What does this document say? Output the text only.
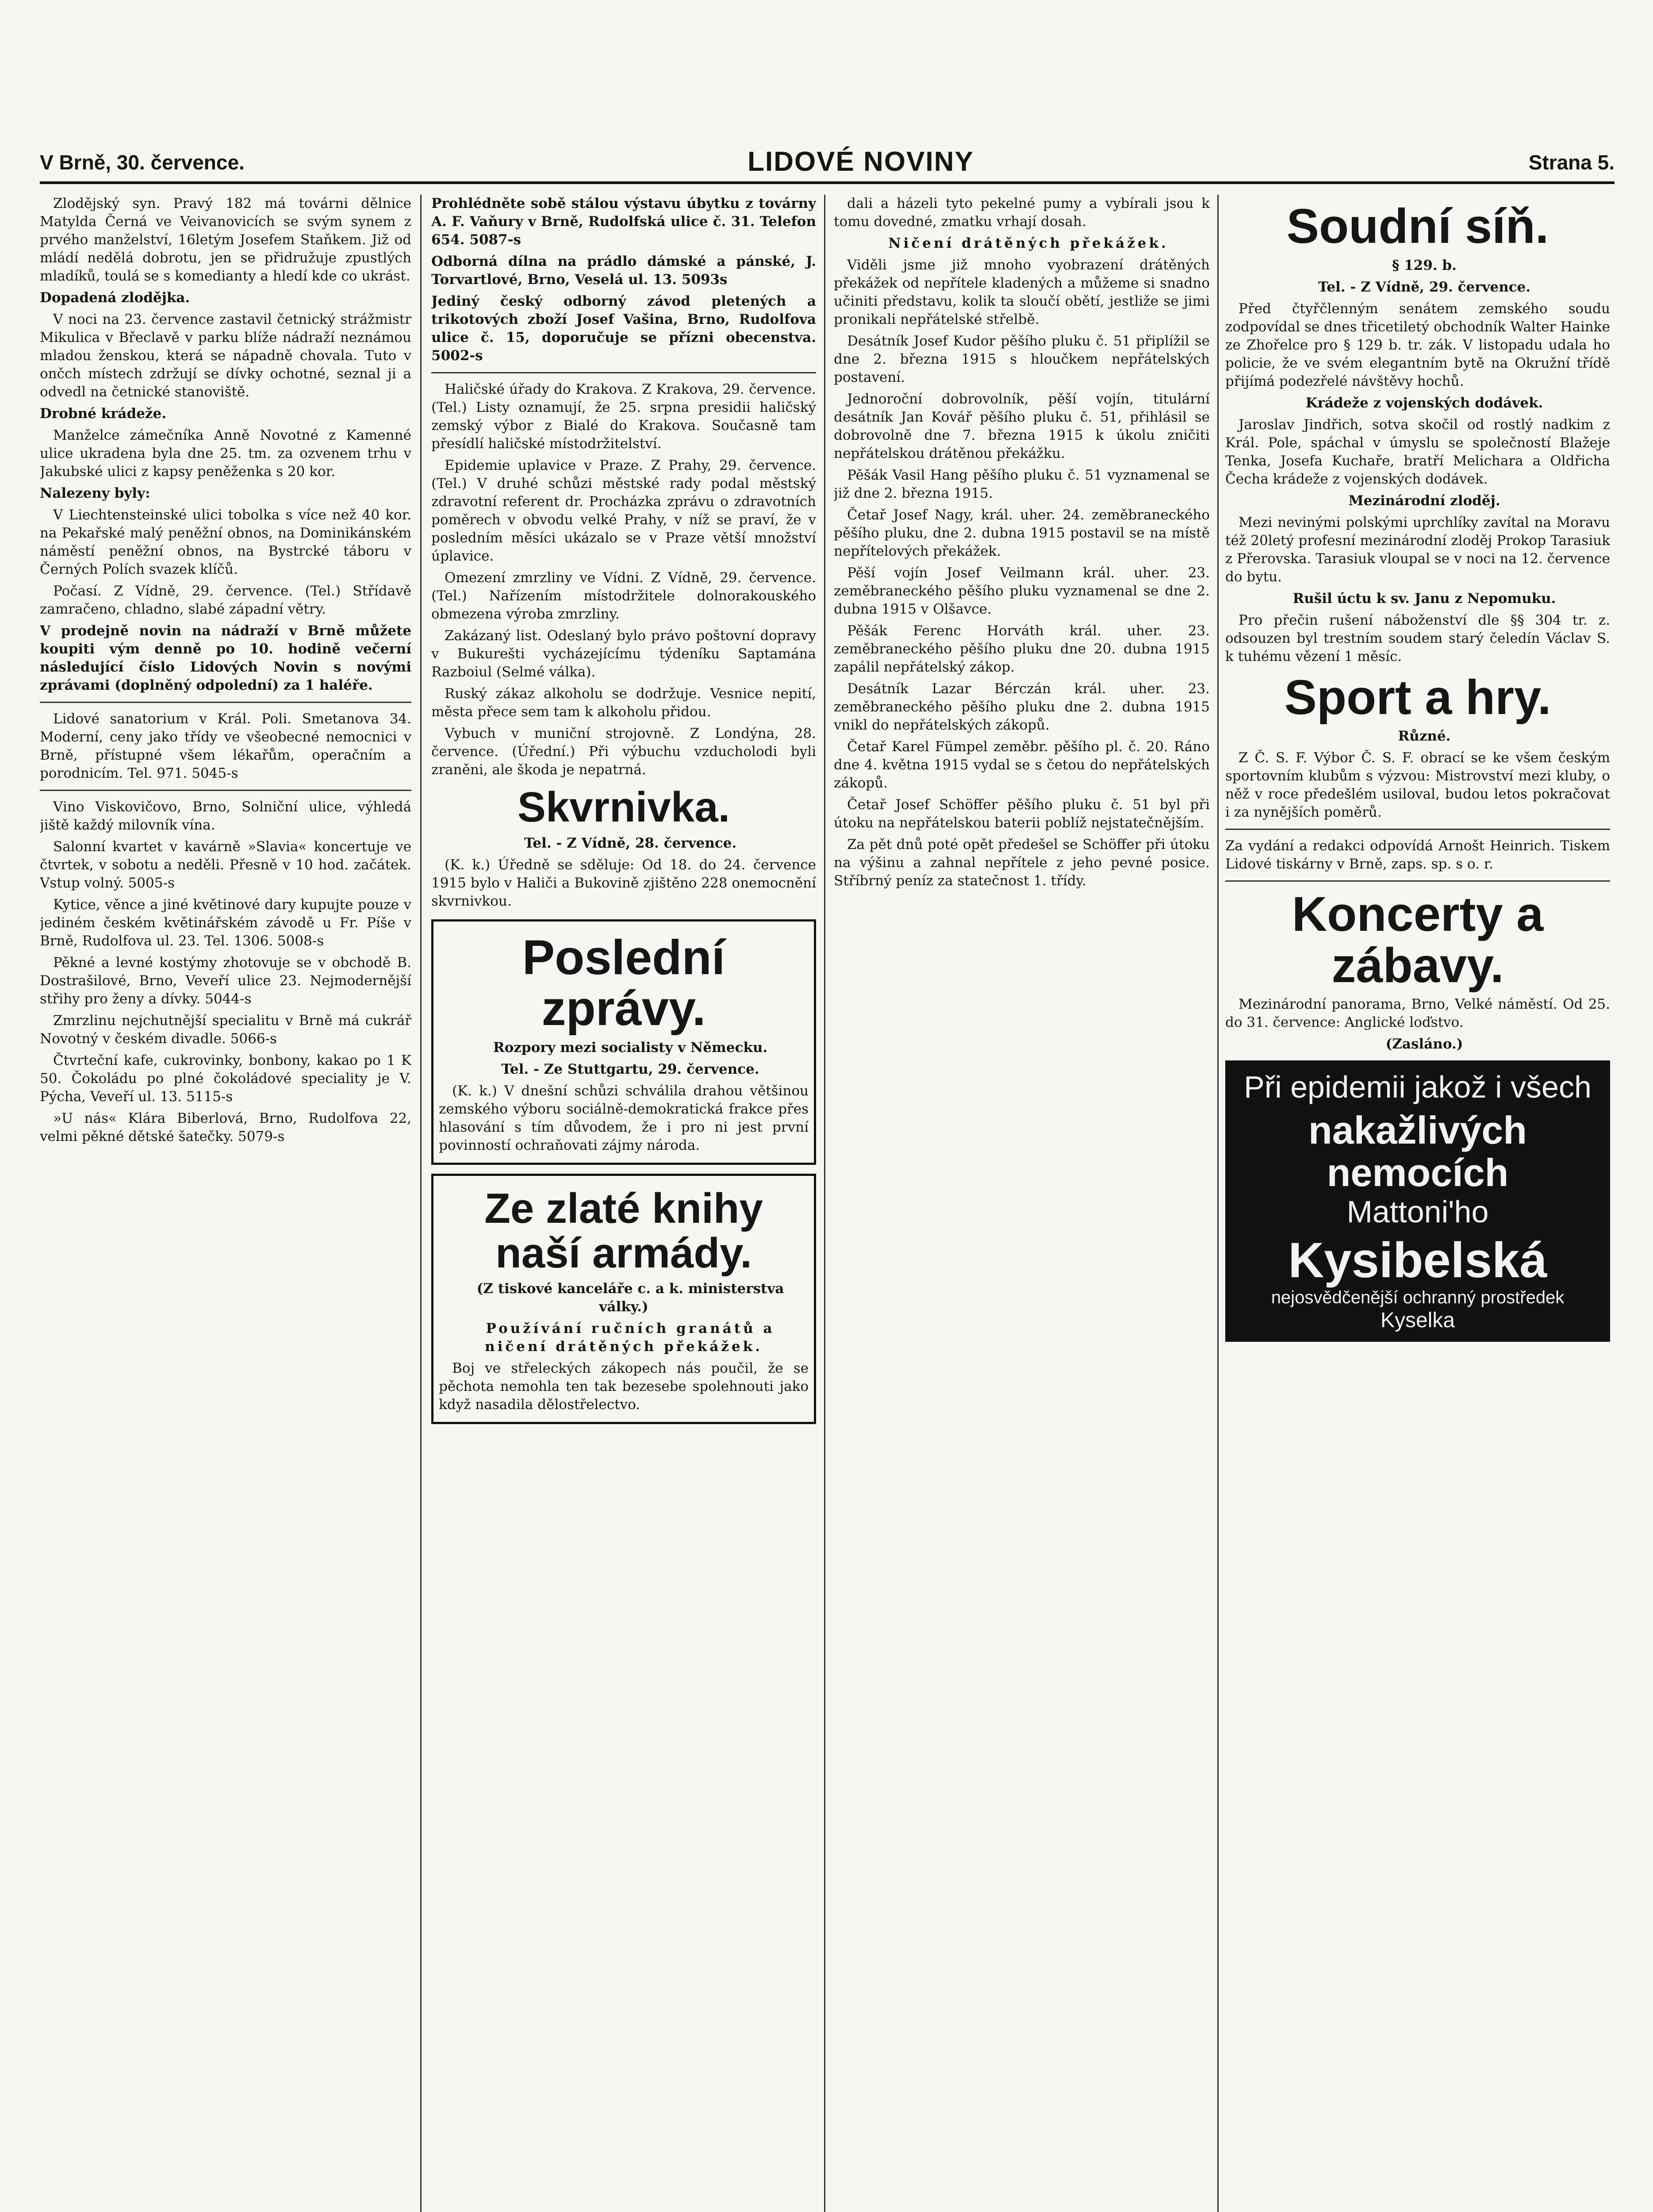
V Brně, 30. července.	LIDOVÉ NOVINY	Strana 5.

Zlodějský syn. Pravý 182 má továrni dělnice Matylda Černá ve Veivanovicích se svým synem z prvého manželství, 16letým Josefem Staňkem. Již od mládí nedělá dobrotu, jen se přidružuje zpustlých mladíků, toulá se s komedianty a hledí kde co ukrást.

Dopadená zlodějka.

V noci na 23. července zastavil četnický strážmistr Mikulica v Břeclavě v parku blíže nádraží neznámou mladou ženskou, která se nápadně chovala. Tuto v ončch místech zdržují se dívky ochotné, seznal ji a odvedl na četnické stanoviště.

Drobné krádeže.

Manželce zámečníka Anně Novotné z Kamenné ulice ukradena byla dne 25. tm. za ozvenem trhu v Jakubské ulici z kapsy peněženka s 20 kor.

Nalezeny byly:

V Liechtensteinské ulici tobolka s více než 40 kor. na Pekařské malý peněžní obnos, na Dominikánském náměstí peněžní obnos, na Bystrcké táboru v Černých Polích svazek klíčů.

Počasí. Z Vídně, 29. července. (Tel.) Střídavě zamračeno, chladno, slabé západní větry.

V prodejně novin na nádraží v Brně můžete koupiti vým denně po 10. hodině večerní následující číslo Lidových Novin s novými zprávami (doplněný odpolední) za 1 haléře.

Lidové sanatorium v Král. Poli. Smetanova 34. Moderní, ceny jako třídy ve všeobecné nemocnici v Brně, přístupné všem lékařům, operačním a porodnicím. Tel. 971. 5045-s

Vino Viskovičovo, Brno, Solniční ulice, výhledá jiště každý milovník vína.

Salonní kvartet v kavárně »Slavia« koncertuje ve čtvrtek, v sobotu a neděli. Přesně v 10 hod. začátek. Vstup volný. 5005-s

Kytice, věnce a jiné květinové dary kupujte pouze v jediném českém květinářském závodě u Fr. Píše v Brně, Rudolfova ul. 23. Tel. 1306. 5008-s

Pěkné a levné kostýmy zhotovuje se v obchodě B. Dostrašilové, Brno, Veveří ulice 23. Nejmodernější střihy pro ženy a dívky. 5044-s

Zmrzlinu nejchutnější specialitu v Brně má cukrář Novotný v českém divadle. 5066-s

Čtvrteční kafe, cukrovinky, bonbony, kakao po 1 K 50. Čokoládu po plné čokoládové speciality je V. Pýcha, Veveří ul. 13. 5115-s

»U nás« Klára Biberlová, Brno, Rudolfova 22, velmi pěkné dětské šatečky. 5079-s

Prohlédněte sobě stálou výstavu úbytku z továrny A. F. Vaňury v Brně, Rudolfská ulice č. 31. Telefon 654. 5087-s

Odborná dílna na prádlo dámské a pánské, J. Torvartlové, Brno, Veselá ul. 13. 5093s

Jediný český odborný závod pletených a trikotových zboží Josef Vašina, Brno, Rudolfova ulice č. 15, doporučuje se přízni obecenstva. 5002-s

Haličské úřady do Krakova. Z Krakova, 29. července. (Tel.) Listy oznamují, že 25. srpna presidii haličský zemský výbor z Bialé do Krakova. Současně tam přesídlí haličské místodržitelství.

Epidemie uplavice v Praze. Z Prahy, 29. července. (Tel.) V druhé schůzi městské rady podal městský zdravotní referent dr. Procházka zprávu o zdravotních poměrech v obvodu velké Prahy, v níž se praví, že v posledním měsíci ukázalo se v Praze větší množství úplavice.

Omezení zmrzliny ve Vídni. Z Vídně, 29. července. (Tel.) Nařízením místodržitele dolnorakouského obmezena výroba zmrzliny.

Zakázaný list. Odeslaný bylo právo poštovní dopravy v Bukurešti vycházejícímu týdeníku Saptamána Razboiul (Selmé válka).

Ruský zákaz alkoholu se dodržuje. Vesnice nepití, města přece sem tam k alkoholu přidou.

Vybuch v muniční strojovně. Z Londýna, 28. července. (Úřední.) Při výbuchu vzducholodi byli zraněni, ale škoda je nepatrná.

Skvrnivka.

Tel. - Z Vídně, 28. července.

(K. k.) Úředně se sděluje: Od 18. do 24. července 1915 bylo v Haliči a Bukovině zjištěno 228 onemocnění skvrnivkou.

Poslední zprávy.

Rozpory mezi socialisty v Německu.

Tel. - Ze Stuttgartu, 29. července.

(K. k.) V dnešní schůzi schválila drahou většinou zemského výboru sociálně-demokratická frakce přes hlasování s tím důvodem, že i pro ni jest první povinností ochraňovati zájmy národa.

Ze zlaté knihy naší armády.

(Z tiskové kanceláře c. a k. ministerstva války.)

Používání ručních granátů a ničení drátěných překážek.

Boj ve střeleckých zákopech nás poučil, že se pěchota nemohla ten tak bezesebe spolehnouti jako když nasadila dělostřelectvo.

dali a házeli tyto pekelné pumy a vybírali jsou k tomu dovedné, zmatku vrhají dosah.

Ničení drátěných překážek.

Viděli jsme již mnoho vyobrazení drátěných překážek od nepřítele kladených a můžeme si snadno učiniti představu, kolik ta sloučí obětí, jestliže se jimi pronikali nepřátelské střelbě.

Desátník Josef Kudor pěšího pluku č. 51 připlížil se dne 2. března 1915 s hloučkem nepřátelských postavení.

Jednoroční dobrovolník, pěší vojín, titulární desátník Jan Kovář pěšího pluku č. 51, přihlásil se dobrovolně dne 7. března 1915 k úkolu zničiti nepřátelskou drátěnou překážku.

Pěšák Vasil Hang pěšího pluku č. 51 vyznamenal se již dne 2. března 1915.

Četař Josef Nagy, král. uher. 24. zeměbraneckého pěšího pluku, dne 2. dubna 1915 postavil se na místě nepřítelových překážek.

Pěší vojín Josef Veilmann král. uher. 23. zeměbraneckého pěšího pluku vyznamenal se dne 2. dubna 1915 v Olšavce.

Pěšák Ferenc Horváth král. uher. 23. zeměbraneckého pěšího pluku dne 20. dubna 1915 zapálil nepřátelský zákop.

Desátník Lazar Bérczán král. uher. 23. zeměbraneckého pěšího pluku dne 2. dubna 1915 vnikl do nepřátelských zákopů.

Četař Karel Fümpel zeměbr. pěšího pl. č. 20. Ráno dne 4. května 1915 vydal se s četou do nepřátelských zákopů.

Četař Josef Schöffer pěšího pluku č. 51 byl při útoku na nepřátelskou baterii poblíž nejstatečnějším.

Za pět dnů poté opět předešel se Schöffer při útoku na výšinu a zahnal nepřítele z jeho pevné posice. Stříbrný peníz za statečnost 1. třídy.

Soudní síň.

§ 129. b.

Tel. - Z Vídně, 29. července.

Před čtyřčlenným senátem zemského soudu zodpovídal se dnes třicetiletý obchodník Walter Hainke ze Zhořelce pro § 129 b. tr. zák. V listopadu udala ho policie, že ve svém elegantním bytě na Okružní třídě přijímá podezřelé návštěvy hochů.

Krádeže z vojenských dodávek.

Jaroslav Jindřich, sotva skočil od rostlý nadkim z Král. Pole, spáchal v úmyslu se společností Blažeje Tenka, Josefa Kuchaře, bratří Melichara a Oldřicha Čecha krádeže z vojenských dodávek.

Mezinárodní zloděj.

Mezi nevinými polskými uprchlíky zavítal na Moravu též 20letý profesní mezinárodní zloděj Prokop Tarasiuk z Přerovska. Tarasiuk vloupal se v noci na 12. července do bytu.

Rušil úctu k sv. Janu z Nepomuku.

Pro přečin rušení náboženství dle §§ 304 tr. z. odsouzen byl trestním soudem starý čeledín Václav S. k tuhému vězení 1 měsíc.

Sport a hry.

Různé.

Z Č. S. F. Výbor Č. S. F. obrací se ke všem českým sportovním klubům s výzvou: Mistrovství mezi kluby, o něž v roce předešlém usiloval, budou letos pokračovat i za nynějších poměrů.

Za vydání a redakci odpovídá Arnošt Heinrich. Tiskem Lidové tiskárny v Brně, zaps. sp. s o. r.

Koncerty a zábavy.

Mezinárodní panorama, Brno, Velké náměstí. Od 25. do 31. července: Anglické loďstvo.

(Zasláno.)

Při epidemii jakož i všech
nakažlivých nemocích
Mattoni'ho
Kysibelská
nejosvědčenější ochranný prostředek
Kyselka
